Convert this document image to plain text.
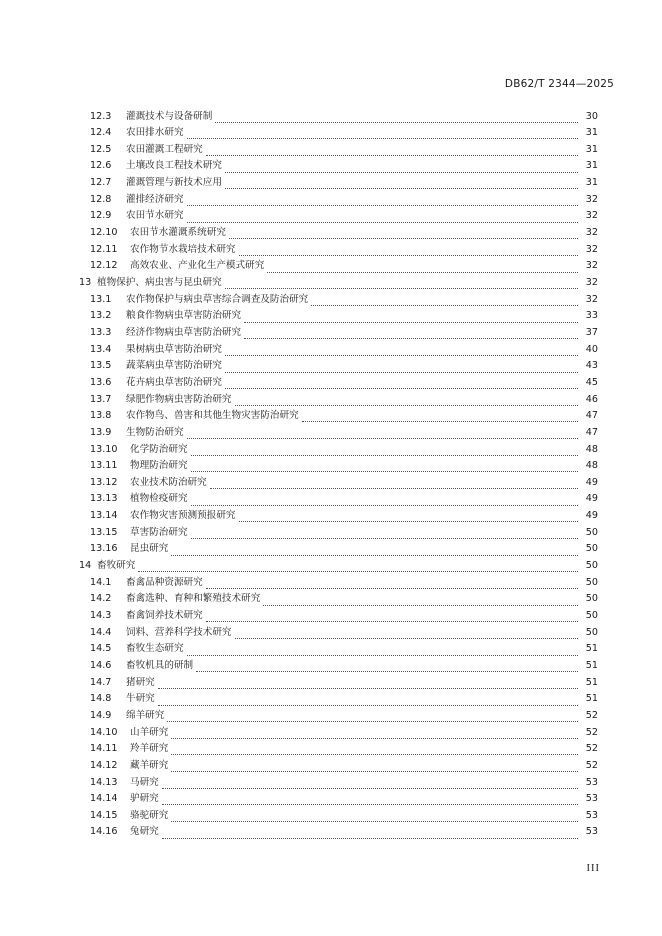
DB62/T 2344—2025
12.3	灌溉技术与设备研制	30
12.4	农田排水研究	31
12.5	农田灌溉工程研究	31
12.6	土壤改良工程技术研究	31
12.7	灌溉管理与新技术应用	31
12.8	灌排经济研究	32
12.9	农田节水研究	32
12.10	农田节水灌溉系统研究	32
12.11	农作物节水栽培技术研究	32
12.12	高效农业、产业化生产模式研究	32
13 植物保护、病虫害与昆虫研究	32
13.1	农作物保护与病虫草害综合调查及防治研究	32
13.2	粮食作物病虫草害防治研究	33
13.3	经济作物病虫草害防治研究	37
13.4	果树病虫草害防治研究	40
13.5	蔬菜病虫草害防治研究	43
13.6	花卉病虫草害防治研究	45
13.7	绿肥作物病虫害防治研究	46
13.8	农作物鸟、兽害和其他生物灾害防治研究	47
13.9	生物防治研究	47
13.10	化学防治研究	48
13.11	物理防治研究	48
13.12	农业技术防治研究	49
13.13	植物检疫研究	49
13.14	农作物灾害预测预报研究	49
13.15	草害防治研究	50
13.16	昆虫研究	50
14 畜牧研究	50
14.1	畜禽品种资源研究	50
14.2	畜禽选种、育种和繁殖技术研究	50
14.3	畜禽饲养技术研究	50
14.4	饲料、营养科学技术研究	50
14.5	畜牧生态研究	51
14.6	畜牧机具的研制	51
14.7	猪研究	51
14.8	牛研究	51
14.9	绵羊研究	52
14.10	山羊研究	52
14.11	羚羊研究	52
14.12	藏羊研究	52
14.13	马研究	53
14.14	驴研究	53
14.15	骆驼研究	53
14.16	兔研究	53
III
